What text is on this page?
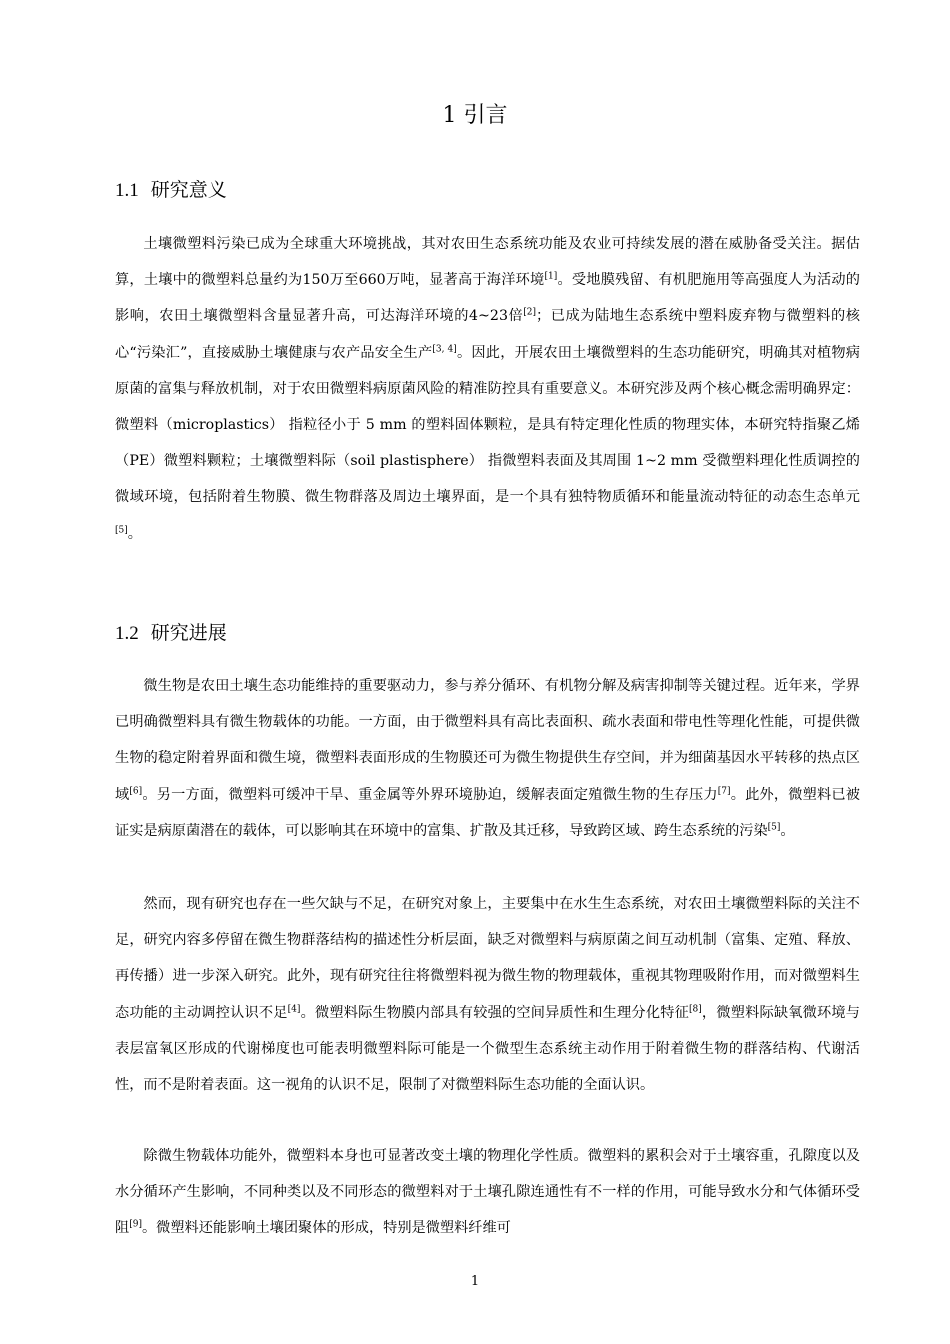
1 引言
1.1 研究意义

土壤微塑料污染已成为全球重大环境挑战，其对农田生态系统功能及农业可持续发展的潜在威胁备受关注。据估算，土壤中的微塑料总量约为150万至660万吨，显著高于海洋环境[1]。受地膜残留、有机肥施用等高强度人为活动的影响，农田土壤微塑料含量显著升高，可达海洋环境的4~23倍[2]；已成为陆地生态系统中塑料废弃物与微塑料的核心“污染汇”，直接威胁土壤健康与农产品安全生产[3, 4]。因此，开展农田土壤微塑料的生态功能研究，明确其对植物病原菌的富集与释放机制，对于农田微塑料病原菌风险的精准防控具有重要意义。本研究涉及两个核心概念需明确界定：微塑料（microplastics） 指粒径小于 5 mm 的塑料固体颗粒，是具有特定理化性质的物理实体，本研究特指聚乙烯（PE）微塑料颗粒；土壤微塑料际（soil plastisphere） 指微塑料表面及其周围 1~2 mm 受微塑料理化性质调控的微域环境，包括附着生物膜、微生物群落及周边土壤界面，是一个具有独特物质循环和能量流动特征的动态生态单元[5]。

1.2 研究进展

微生物是农田土壤生态功能维持的重要驱动力，参与养分循环、有机物分解及病害抑制等关键过程。近年来，学界已明确微塑料具有微生物载体的功能。一方面，由于微塑料具有高比表面积、疏水表面和带电性等理化性能，可提供微生物的稳定附着界面和微生境，微塑料表面形成的生物膜还可为微生物提供生存空间，并为细菌基因水平转移的热点区域[6]。另一方面，微塑料可缓冲干旱、重金属等外界环境胁迫，缓解表面定殖微生物的生存压力[7]。此外，微塑料已被证实是病原菌潜在的载体，可以影响其在环境中的富集、扩散及其迁移，导致跨区域、跨生态系统的污染[5]。

然而，现有研究也存在一些欠缺与不足，在研究对象上，主要集中在水生生态系统，对农田土壤微塑料际的关注不足，研究内容多停留在微生物群落结构的描述性分析层面，缺乏对微塑料与病原菌之间互动机制（富集、定殖、释放、再传播）进一步深入研究。此外，现有研究往往将微塑料视为微生物的物理载体，重视其物理吸附作用，而对微塑料生态功能的主动调控认识不足[4]。微塑料际生物膜内部具有较强的空间异质性和生理分化特征[8]，微塑料际缺氧微环境与表层富氧区形成的代谢梯度也可能表明微塑料际可能是一个微型生态系统主动作用于附着微生物的群落结构、代谢活性，而不是附着表面。这一视角的认识不足，限制了对微塑料际生态功能的全面认识。

除微生物载体功能外，微塑料本身也可显著改变土壤的物理化学性质。微塑料的累积会对于土壤容重，孔隙度以及水分循环产生影响，不同种类以及不同形态的微塑料对于土壤孔隙连通性有不一样的作用，可能导致水分和气体循环受阻[9]。微塑料还能影响土壤团聚体的形成，特别是微塑料纤维可

1
